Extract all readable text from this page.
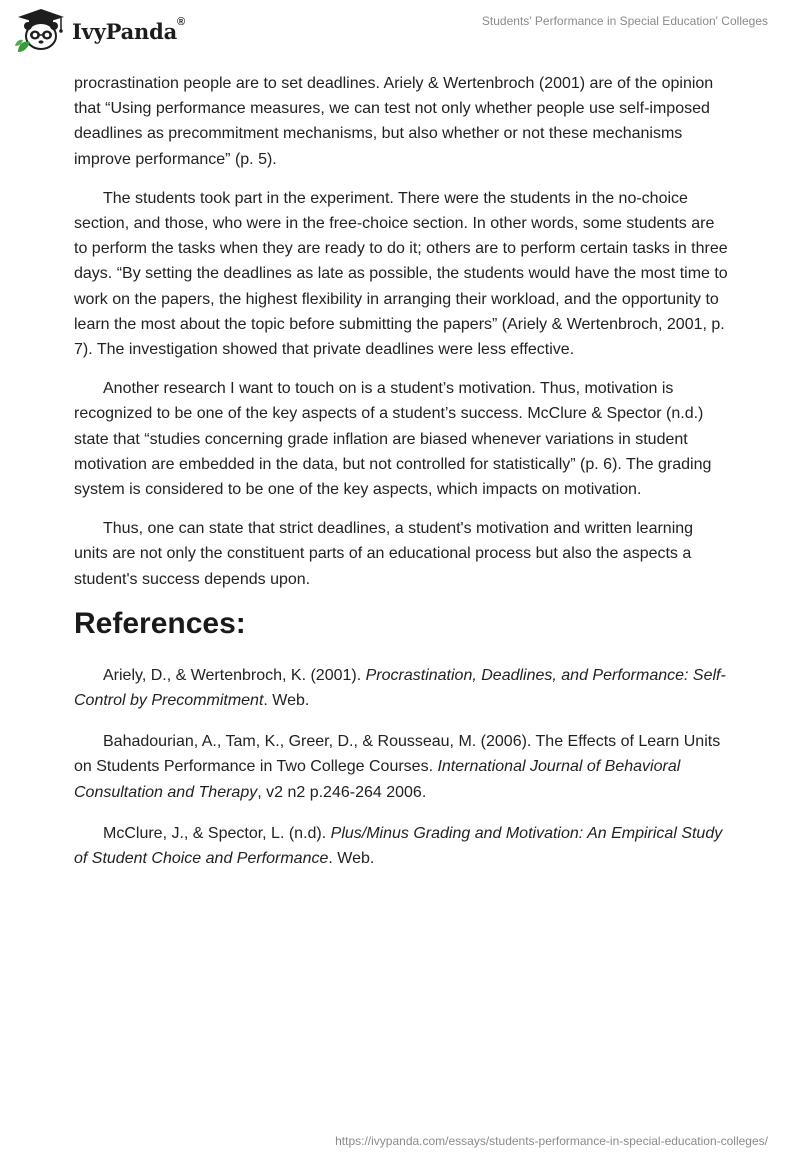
IvyPanda®	Students' Performance in Special Education' Colleges

procrastination people are to set deadlines. Ariely & Wertenbroch (2001) are of the opinion that “Using performance measures, we can test not only whether people use self-imposed deadlines as precommitment mechanisms, but also whether or not these mechanisms improve performance” (p. 5).

The students took part in the experiment. There were the students in the no-choice section, and those, who were in the free-choice section. In other words, some students are to perform the tasks when they are ready to do it; others are to perform certain tasks in three days. “By setting the deadlines as late as possible, the students would have the most time to work on the papers, the highest flexibility in arranging their workload, and the opportunity to learn the most about the topic before submitting the papers” (Ariely & Wertenbroch, 2001, p. 7). The investigation showed that private deadlines were less effective.

Another research I want to touch on is a student’s motivation. Thus, motivation is recognized to be one of the key aspects of a student’s success. McClure & Spector (n.d.) state that “studies concerning grade inflation are biased whenever variations in student motivation are embedded in the data, but not controlled for statistically” (p. 6). The grading system is considered to be one of the key aspects, which impacts on motivation.

Thus, one can state that strict deadlines, a student's motivation and written learning units are not only the constituent parts of an educational process but also the aspects a student's success depends upon.

References:

Ariely, D., & Wertenbroch, K. (2001). Procrastination, Deadlines, and Performance: Self-Control by Precommitment. Web.

Bahadourian, A., Tam, K., Greer, D., & Rousseau, M. (2006). The Effects of Learn Units on Students Performance in Two College Courses. International Journal of Behavioral Consultation and Therapy, v2 n2 p.246-264 2006.

McClure, J., & Spector, L. (n.d). Plus/Minus Grading and Motivation: An Empirical Study of Student Choice and Performance. Web.

https://ivypanda.com/essays/students-performance-in-special-education-colleges/
